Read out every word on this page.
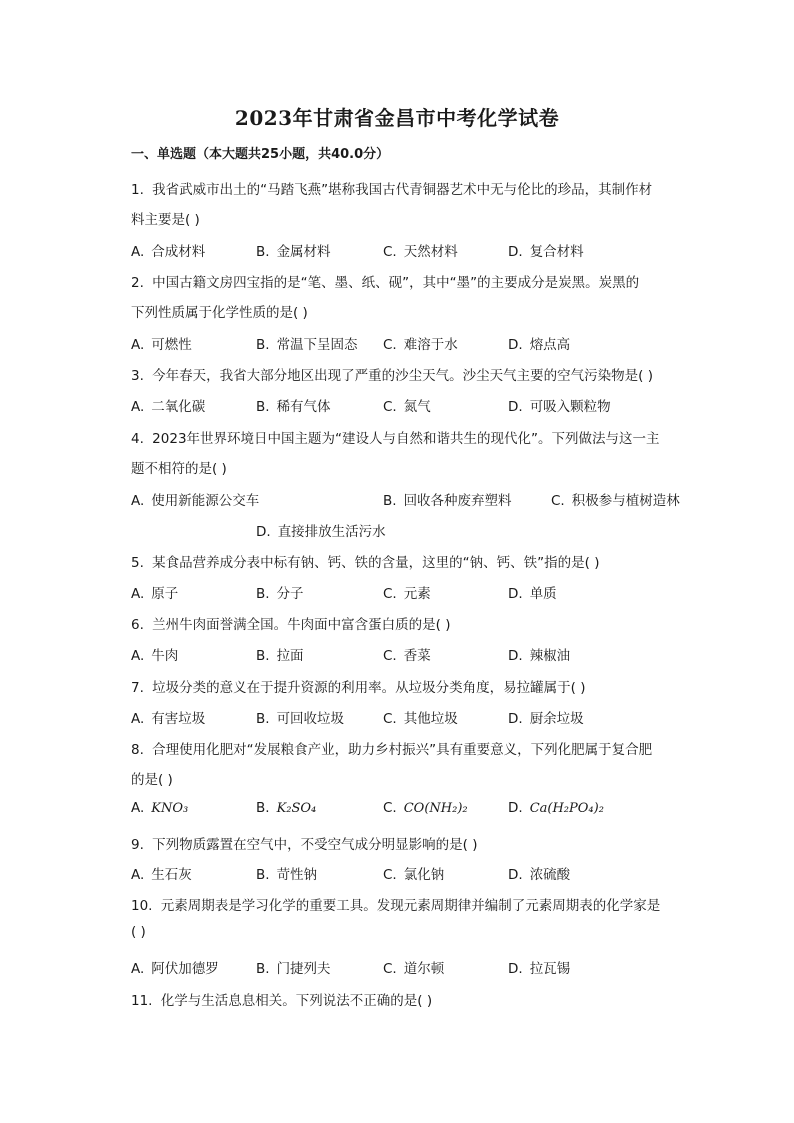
2023年甘肃省金昌市中考化学试卷
一、单选题（本大题共25小题，共40.0分）
1. 我省武威市出土的“马踏飞燕”堪称我国古代青铜器艺术中无与伦比的珍品，其制作材
料主要是( )
A. 合成材料	B. 金属材料	C. 天然材料	D. 复合材料
2. 中国古籍文房四宝指的是“笔、墨、纸、砚”，其中“墨”的主要成分是炭黑。炭黑的
下列性质属于化学性质的是( )
A. 可燃性	B. 常温下呈固态 C. 难溶于水	D. 熔点高
3. 今年春天，我省大部分地区出现了严重的沙尘天气。沙尘天气主要的空气污染物是( )
A. 二氧化碳	B. 稀有气体	C. 氮气	D. 可吸入颗粒物
4. 2023年世界环境日中国主题为“建设人与自然和谐共生的现代化”。下列做法与这一主
题不相符的是( )
A. 使用新能源公交车	B. 回收各种废弃塑料	C. 积极参与植树造林
D. 直接排放生活污水
5. 某食品营养成分表中标有钠、钙、铁的含量，这里的“钠、钙、铁”指的是( )
A. 原子	B. 分子	C. 元素	D. 单质
6. 兰州牛肉面誉满全国。牛肉面中富含蛋白质的是( )
A. 牛肉	B. 拉面	C. 香菜	D. 辣椒油
7. 垃圾分类的意义在于提升资源的利用率。从垃圾分类角度，易拉罐属于( )
A. 有害垃圾	B. 可回收垃圾	C. 其他垃圾	D. 厨余垃圾
8. 合理使用化肥对“发展粮食产业，助力乡村振兴”具有重要意义，下列化肥属于复合肥
的是( )
A. KNO₃	B. K₂SO₄	C. CO(NH₂)₂	D. Ca(H₂PO₄)₂
9. 下列物质露置在空气中，不受空气成分明显影响的是( )
A. 生石灰	B. 苛性钠	C. 氯化钠	D. 浓硫酸
10. 元素周期表是学习化学的重要工具。发现元素周期律并编制了元素周期表的化学家是
( )
A. 阿伏加德罗	B. 门捷列夫	C. 道尔顿	D. 拉瓦锡
11. 化学与生活息息相关。下列说法不正确的是( )
